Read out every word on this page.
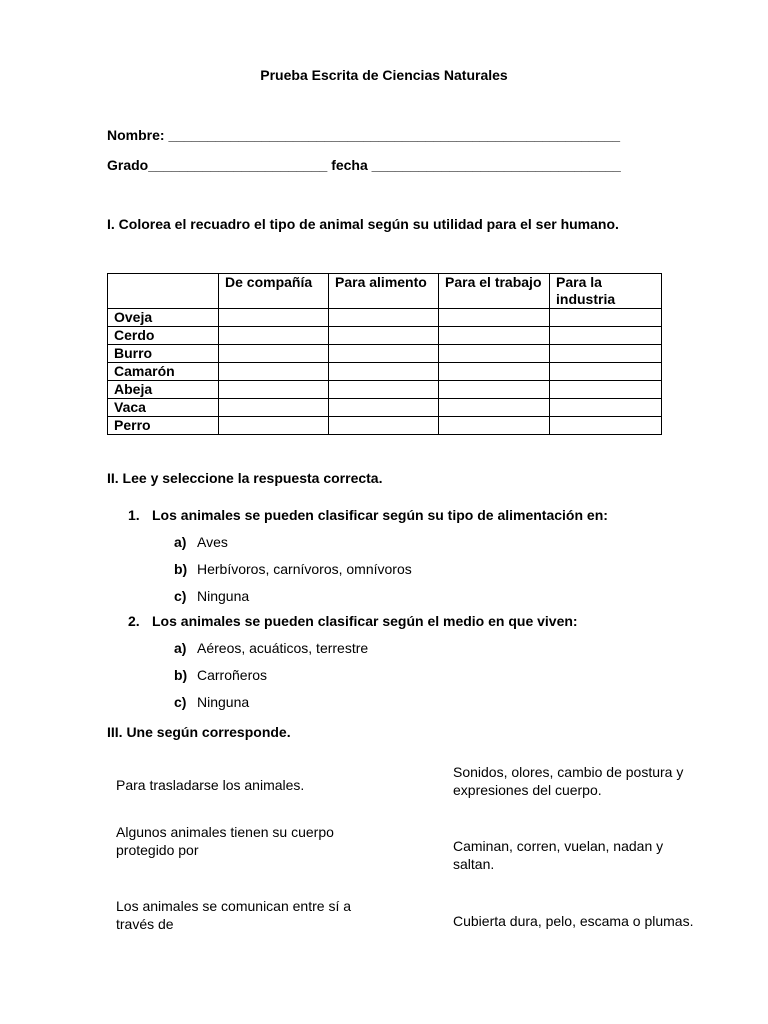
Prueba Escrita de Ciencias Naturales
Nombre: __________________________________________________________
Grado_______________________ fecha ________________________________
I. Colorea el recuadro el tipo de animal según su utilidad para el ser humano.
	De compañía	Para alimento	Para el trabajo	Para la industria
Oveja				
Cerdo				
Burro				
Camarón				
Abeja				
Vaca				
Perro				
II. Lee y seleccione la respuesta correcta.
1. Los animales se pueden clasificar según su tipo de alimentación en:
a) Aves
b) Herbívoros, carnívoros, omnívoros
c) Ninguna
2. Los animales se pueden clasificar según el medio en que viven:
a) Aéreos, acuáticos, terrestre
b) Carroñeros
c) Ninguna
III. Une según corresponde.
Para trasladarse los animales.
Algunos animales tienen su cuerpo protegido por
Los animales se comunican entre sí a través de
Sonidos, olores, cambio de postura y expresiones del cuerpo.
Caminan, corren, vuelan, nadan y saltan.
Cubierta dura, pelo, escama o plumas.
